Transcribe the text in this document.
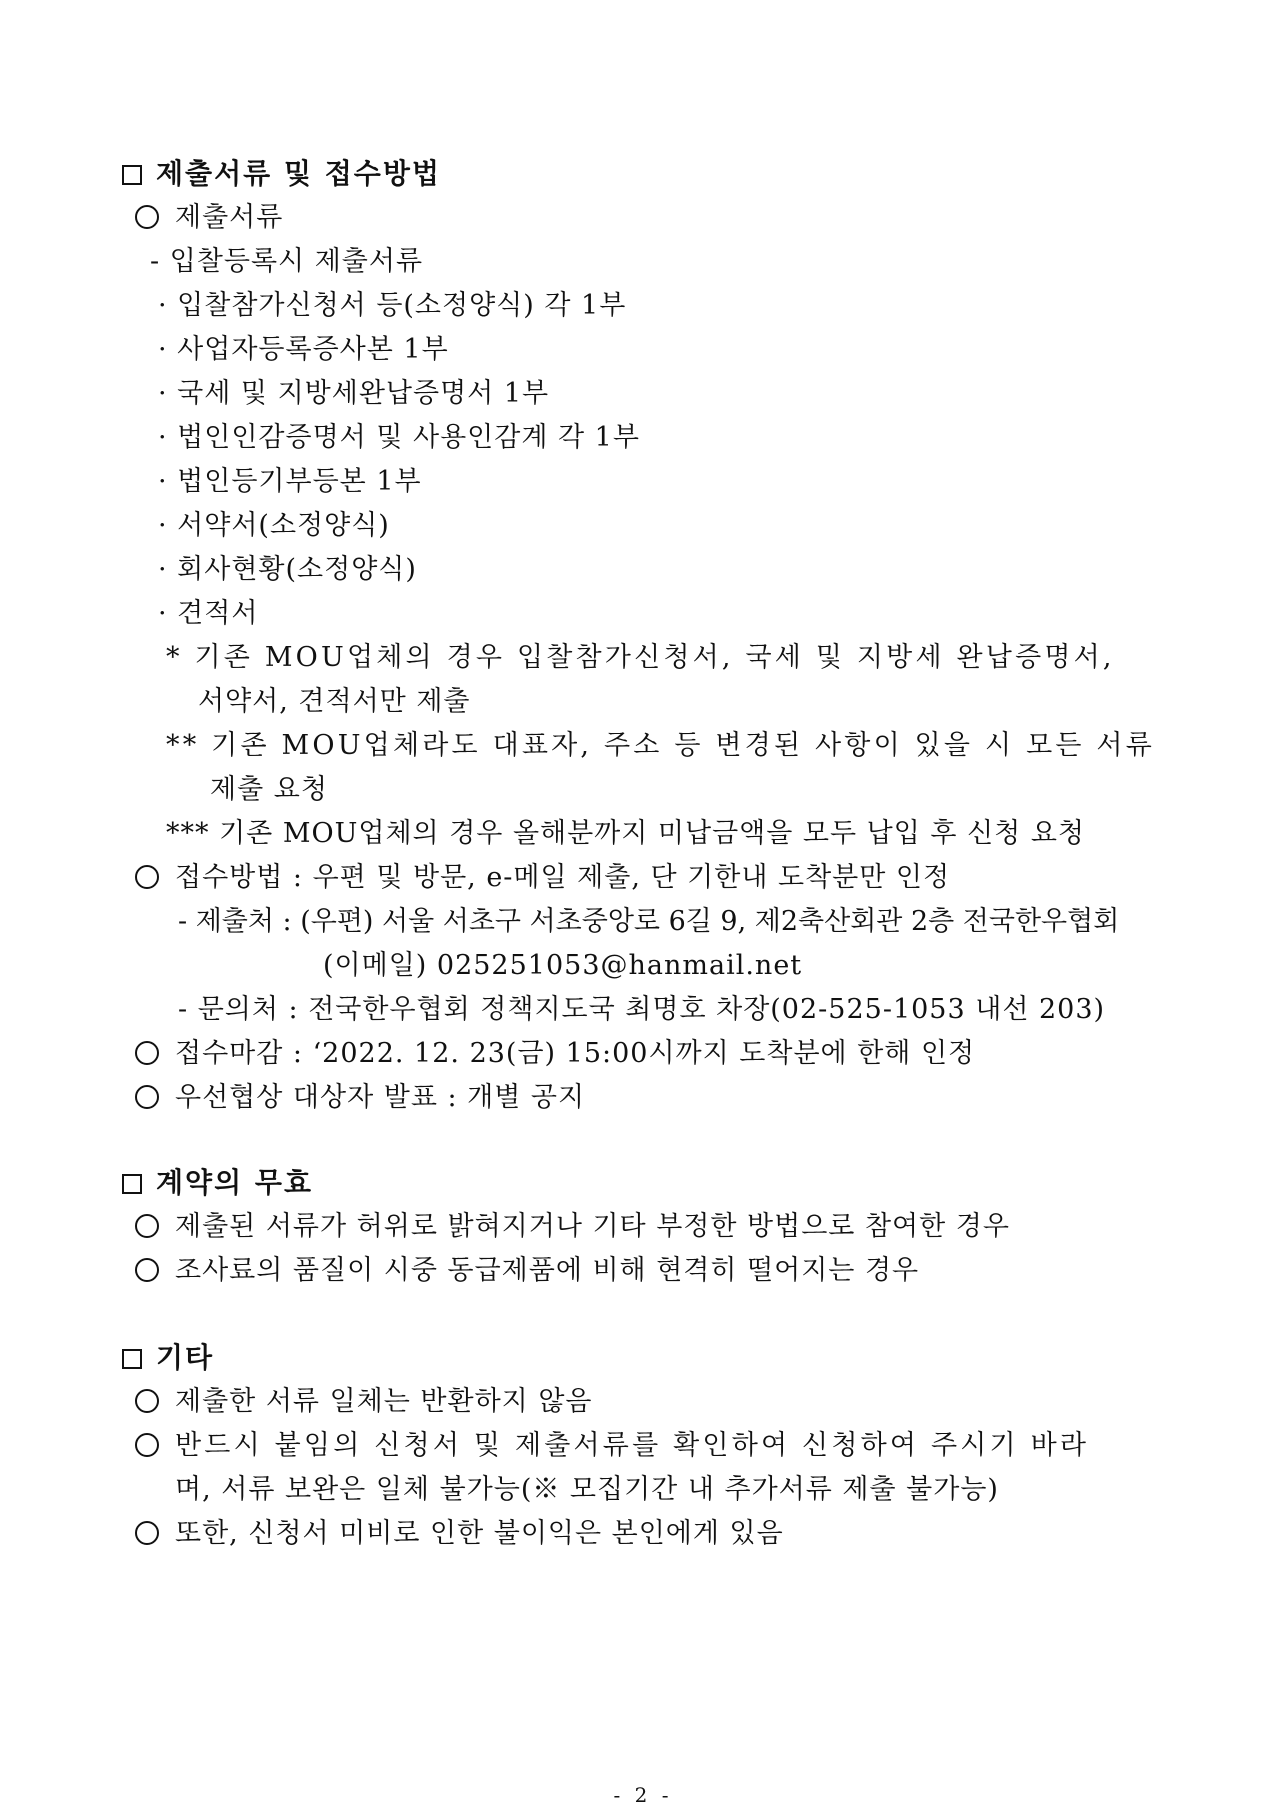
제출서류 및 접수방법
제출서류
- 입찰등록시 제출서류
· 입찰참가신청서 등(소정양식) 각 1부
· 사업자등록증사본 1부
· 국세 및 지방세완납증명서 1부
· 법인인감증명서 및 사용인감계 각 1부
· 법인등기부등본 1부
· 서약서(소정양식)
· 회사현황(소정양식)
· 견적서
* 기존 MOU업체의 경우 입찰참가신청서, 국세 및 지방세 완납증명서,
서약서, 견적서만 제출
** 기존 MOU업체라도 대표자, 주소 등 변경된 사항이 있을 시 모든 서류
제출 요청
*** 기존 MOU업체의 경우 올해분까지 미납금액을 모두 납입 후 신청 요청
접수방법 : 우편 및 방문, e-메일 제출, 단 기한내 도착분만 인정
- 제출처 : (우편) 서울 서초구 서초중앙로 6길 9, 제2축산회관 2층 전국한우협회
(이메일) 025251053@hanmail.net
- 문의처 : 전국한우협회 정책지도국 최명호 차장(02-525-1053 내선 203)
접수마감 : ‘2022. 12. 23(금) 15:00시까지 도착분에 한해 인정
우선협상 대상자 발표 : 개별 공지
계약의 무효
제출된 서류가 허위로 밝혀지거나 기타 부정한 방법으로 참여한 경우
조사료의 품질이 시중 동급제품에 비해 현격히 떨어지는 경우
기타
제출한 서류 일체는 반환하지 않음
반드시 붙임의 신청서 및 제출서류를 확인하여 신청하여 주시기 바라
며, 서류 보완은 일체 불가능(※ 모집기간 내 추가서류 제출 불가능)
또한, 신청서 미비로 인한 불이익은 본인에게 있음
- 2 -
